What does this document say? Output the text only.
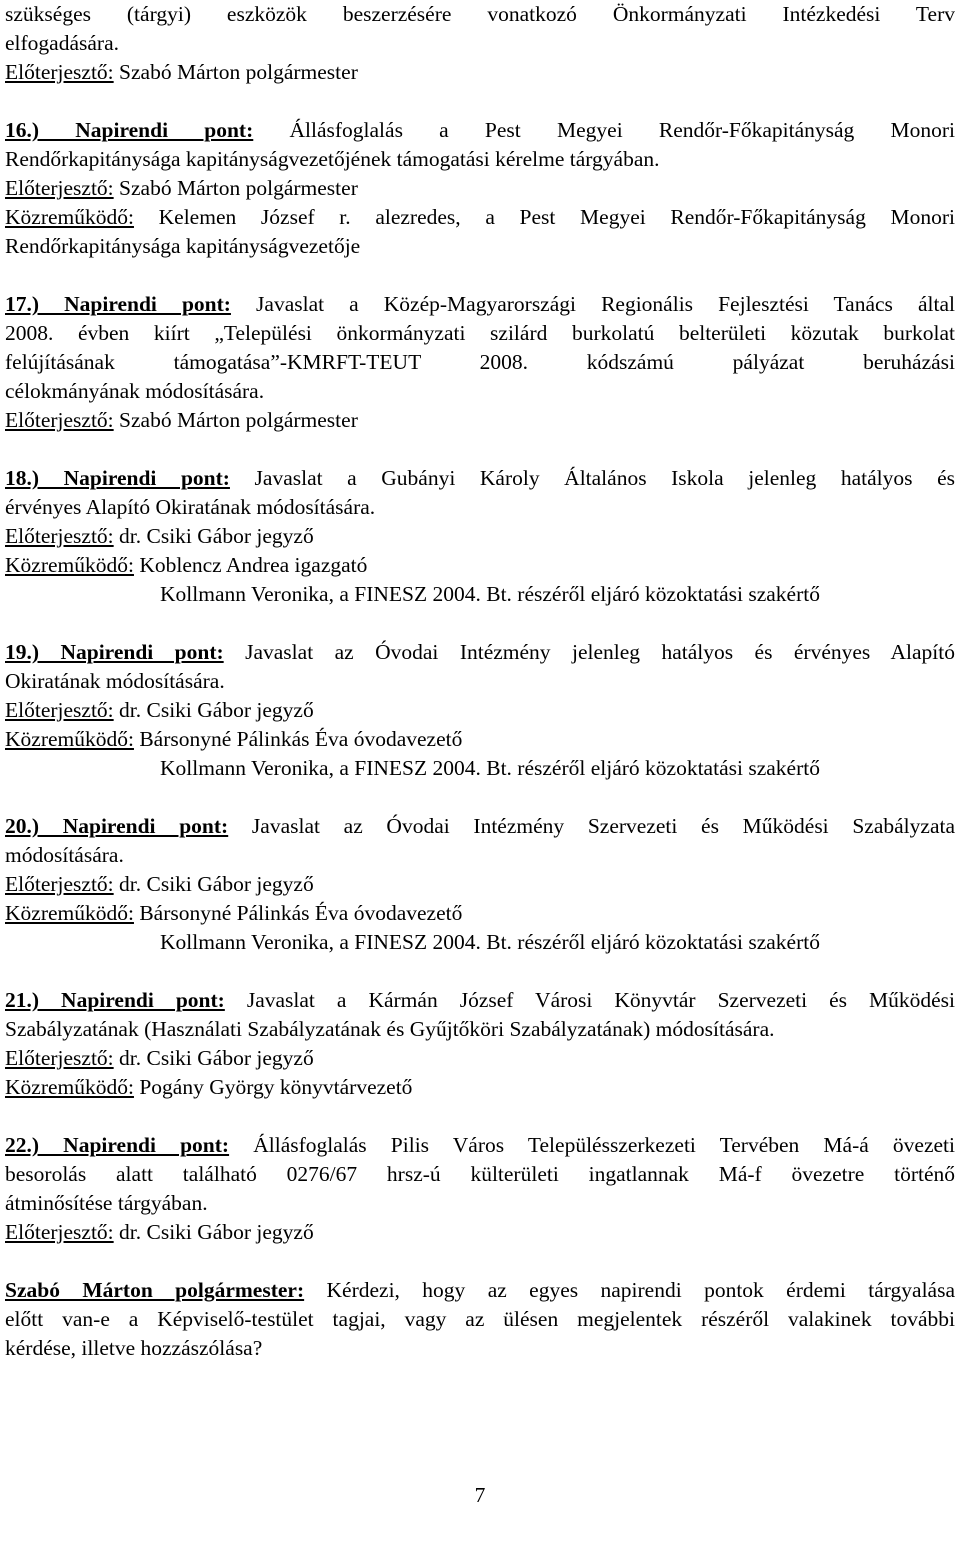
szükséges (tárgyi) eszközök beszerzésére vonatkozó Önkormányzati Intézkedési Terv
elfogadására.
Előterjesztő: Szabó Márton polgármester
16.) Napirendi pont: Állásfoglalás a Pest Megyei Rendőr-Főkapitányság Monori
Rendőrkapitánysága kapitányságvezetőjének támogatási kérelme tárgyában.
Előterjesztő: Szabó Márton polgármester
Közreműködő: Kelemen József r. alezredes, a Pest Megyei Rendőr-Főkapitányság Monori
Rendőrkapitánysága kapitányságvezetője
17.) Napirendi pont: Javaslat a Közép-Magyarországi Regionális Fejlesztési Tanács által
2008. évben kiírt „Települési önkormányzati szilárd burkolatú belterületi közutak burkolat
felújításának támogatása”-KMRFT-TEUT 2008. kódszámú pályázat beruházási
célokmányának módosítására.
Előterjesztő: Szabó Márton polgármester
18.) Napirendi pont: Javaslat a Gubányi Károly Általános Iskola jelenleg hatályos és
érvényes Alapító Okiratának módosítására.
Előterjesztő: dr. Csiki Gábor jegyző
Közreműködő: Koblencz Andrea igazgató
Kollmann Veronika, a FINESZ 2004. Bt. részéről eljáró közoktatási szakértő
19.) Napirendi pont: Javaslat az Óvodai Intézmény jelenleg hatályos és érvényes Alapító
Okiratának módosítására.
Előterjesztő: dr. Csiki Gábor jegyző
Közreműködő: Bársonyné Pálinkás Éva óvodavezető
Kollmann Veronika, a FINESZ 2004. Bt. részéről eljáró közoktatási szakértő
20.) Napirendi pont: Javaslat az Óvodai Intézmény Szervezeti és Működési Szabályzata
módosítására.
Előterjesztő: dr. Csiki Gábor jegyző
Közreműködő: Bársonyné Pálinkás Éva óvodavezető
Kollmann Veronika, a FINESZ 2004. Bt. részéről eljáró közoktatási szakértő
21.) Napirendi pont: Javaslat a Kármán József Városi Könyvtár Szervezeti és Működési
Szabályzatának (Használati Szabályzatának és Gyűjtőköri Szabályzatának) módosítására.
Előterjesztő: dr. Csiki Gábor jegyző
Közreműködő: Pogány György könyvtárvezető
22.) Napirendi pont: Állásfoglalás Pilis Város Településszerkezeti Tervében Má-á övezeti
besorolás alatt található 0276/67 hrsz-ú külterületi ingatlannak Má-f övezetre történő
átminősítése tárgyában.
Előterjesztő: dr. Csiki Gábor jegyző
Szabó Márton polgármester: Kérdezi, hogy az egyes napirendi pontok érdemi tárgyalása
előtt van-e a Képviselő-testület tagjai, vagy az ülésen megjelentek részéről valakinek további
kérdése, illetve hozzászólása?
7
